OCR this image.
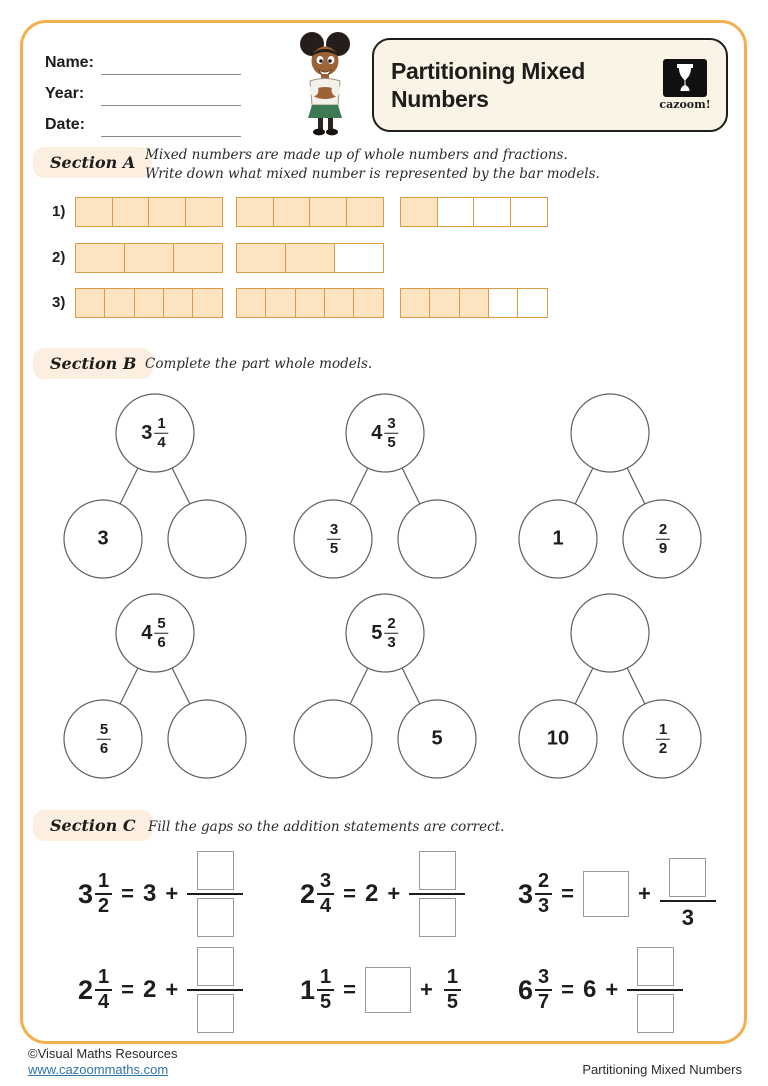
Name:
Year:
Date:
Partitioning Mixed
Numbers	cazoom!
Section A Mixed numbers are made up of whole numbers and fractions.
Write down what mixed number is represented by the bar models.
1)
2)
3)
Section B Complete the part whole models.
$3 \frac{1}{4}$
3
$4 \frac{3}{5}$
$\frac{3}{5}$	1	$\frac{2}{9}$
$4 \frac{5}{6}$
$\frac{5}{6}$
$5 \frac{2}{3}$
5	10	$\frac{1}{2}$
Section C Fill the gaps so the addition statements are correct.
$3 \frac{1}{2} = 3$ +	$2 \frac{3}{4} = 2$ +	$3 \frac{2}{3}$ =	+
3
$2 \frac{1}{4} = 2$ +	$1 \frac{1}{5}$ =	+ $\frac{1}{5} 6 \frac{3}{7} = 6$ +
©Visual Maths Resources
www.cazoommaths.com	Partitioning Mixed Numbers
